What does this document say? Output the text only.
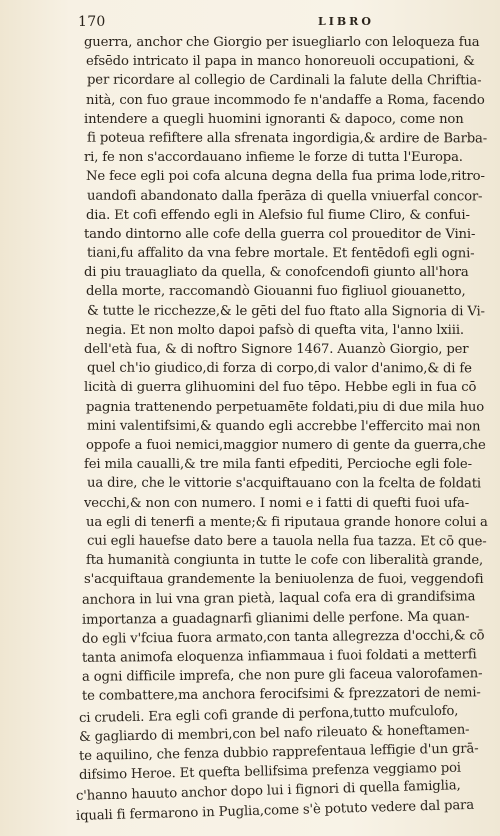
170	LIBRO
guerra, anchor che Giorgio per isuegliarlo con leloqueza fua
efsēdo intricato il papa in manco honoreuoli occupationi, &
per ricordare al collegio de Cardinali la falute della Chriftia-
nità, con fuo graue incommodo fe n'andaffe a Roma, facendo
intendere a quegli huomini ignoranti & dapoco, come non
fi poteua refiftere alla sfrenata ingordigia,& ardire de Barba-
ri, fe non s'accordauano infieme le forze di tutta l'Europa.
Ne fece egli poi cofa alcuna degna della fua prima lode,ritro-
uandofi abandonato dalla fperāza di quella vniuerfal concor-
dia. Et cofi effendo egli in Alefsio ful fiume Cliro, & confui-
tando dintorno alle cofe della guerra col proueditor de Vini-
tiani,fu affalito da vna febre mortale. Et fentēdofi egli ogni-
di piu trauagliato da quella, & conofcendofi giunto all'hora
della morte, raccomandò Giouanni fuo figliuol giouanetto,
& tutte le ricchezze,& le gēti del fuo ftato alla Signoria di Vi-
negia. Et non molto dapoi pafsò di quefta vita, l'anno lxiii.
dell'età fua, & di noftro Signore 1467. Auanzò Giorgio, per
quel ch'io giudico,di forza di corpo,di valor d'animo,& di fe
licità di guerra glihuomini del fuo tēpo. Hebbe egli in fua cō
pagnia trattenendo perpetuamēte foldati,piu di due mila huo
mini valentifsimi,& quando egli accrebbe l'effercito mai non
oppofe a fuoi nemici,maggior numero di gente da guerra,che
fei mila caualli,& tre mila fanti efpediti, Percioche egli fole-
ua dire, che le vittorie s'acquiftauano con la fcelta de foldati
vecchi,& non con numero. I nomi e i fatti di quefti fuoi ufa-
ua egli di tenerfi a mente;& fi riputaua grande honore colui a
cui egli hauefse dato bere a tauola nella fua tazza. Et cō que-
fta humanità congiunta in tutte le cofe con liberalità grande,
s'acquiftaua grandemente la beniuolenza de fuoi, veggendofi
anchora in lui vna gran pietà, laqual cofa era di grandifsima
importanza a guadagnarfi glianimi delle perfone. Ma quan-
do egli v'fciua fuora armato,con tanta allegrezza d'occhi,& cō
tanta animofa eloquenza infiammaua i fuoi foldati a metterfi
a ogni difficile imprefa, che non pure gli faceua valorofamen-
te combattere,ma anchora ferocifsimi & fprezzatori de nemi-
ci crudeli. Era egli cofi grande di perfona,tutto mufculofo,
& gagliardo di membri,con bel nafo rileuato & honeftamen-
te aquilino, che fenza dubbio rapprefentaua leffigie d'un grā-
difsimo Heroe. Et quefta bellifsima prefenza veggiamo poi
c'hanno hauuto anchor dopo lui i fignori di quella famiglia,
iquali fi fermarono in Puglia,come s'è potuto vedere dal para
